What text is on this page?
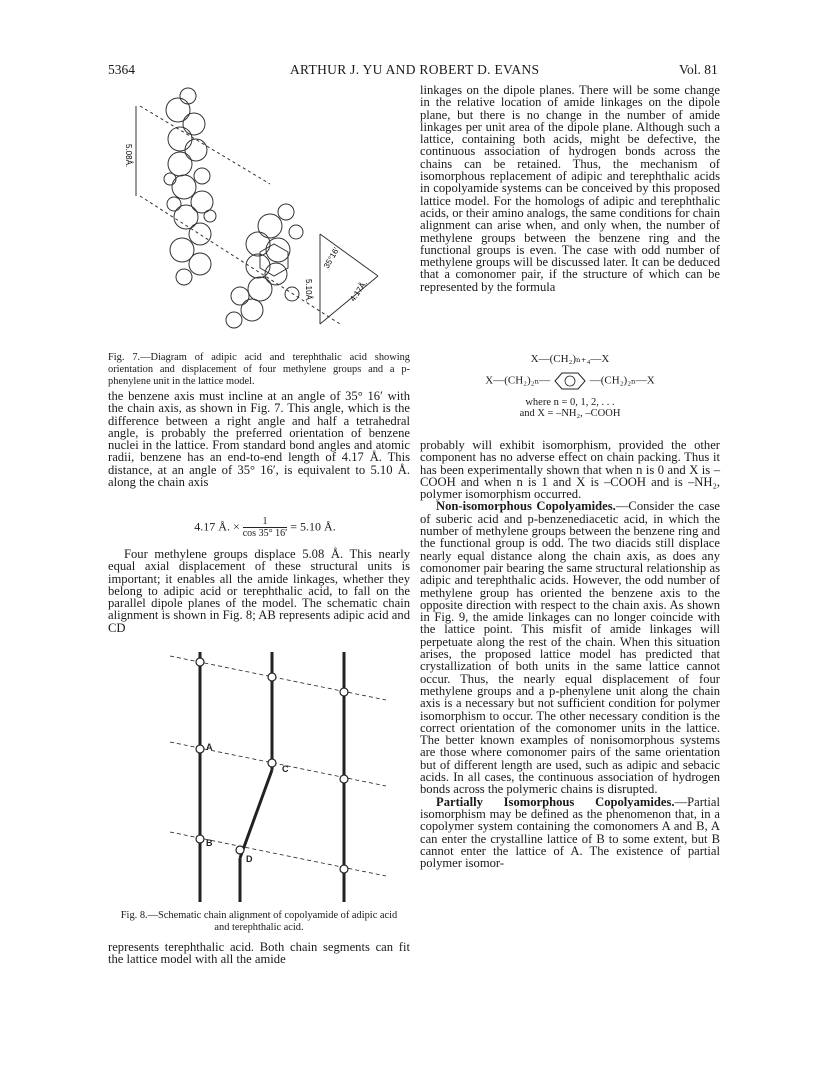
5364	ARTHUR J. YU AND ROBERT D. EVANS	Vol. 81
5.08Å.
5.10Å.	4.17Å.
35°16'
Fig. 7.—Diagram of adipic acid and terephthalic acid showing orientation and displacement of four methylene groups and a p-phenylene unit in the lattice model.

the benzene axis must incline at an angle of 35° 16′ with the chain axis, as shown in Fig. 7. This angle, which is the difference between a right angle and half a tetrahedral angle, is probably the preferred orientation of benzene nuclei in the lattice. From standard bond angles and atomic radii, benzene has an end-to-end length of 4.17 Å. This distance, at an angle of 35° 16′, is equivalent to 5.10 Å. along the chain axis

4.17 Å. × $\frac{1}{\cos 35^\circ 16'} = 5.10$ Å.

Four methylene groups displace 5.08 Å. This nearly equal axial displacement of these structural units is important; it enables all the amide linkages, whether they belong to adipic acid or terephthalic acid, to fall on the parallel dipole planes of the model. The schematic chain alignment is shown in Fig. 8; AB represents adipic acid and CD

A
C
B
D
Fig. 8.—Schematic chain alignment of copolyamide of adipic acid and terephthalic acid.

represents terephthalic acid. Both chain segments can fit the lattice model with all the amide

linkages on the dipole planes. There will be some change in the relative location of amide linkages on the dipole plane, but there is no change in the number of amide linkages per unit area of the dipole plane. Although such a lattice, containing both acids, might be defective, the continuous association of hydrogen bonds across the chains can be retained. Thus, the mechanism of isomorphous replacement of adipic and terephthalic acids in copolyamide systems can be conceived by this proposed lattice model. For the homologs of adipic and terephthalic acids, or their amino analogs, the same conditions for chain alignment can arise when, and only when, the number of methylene groups between the benzene ring and the functional groups is even. The case with odd number of methylene groups will be discussed later. It can be deduced that a comonomer pair, if the structure of which can be represented by the formula

X—(CH₂)ₙ₊₄—X
X—(CH₂)₂ₙ—	—(CH₂)₂ₙ—X
where n = 0, 1, 2, . . .
and X = –NH₂, –COOH

probably will exhibit isomorphism, provided the other component has no adverse effect on chain packing. Thus it has been experimentally shown that when n is 0 and X is –COOH and when n is 1 and X is –COOH and is –NH₂, polymer isomorphism occurred.

Non-isomorphous Copolyamides.—Consider the case of suberic acid and p-benzenediacetic acid, in which the number of methylene groups between the benzene ring and the functional group is odd. The two diacids still displace nearly equal distance along the chain axis, as does any comonomer pair bearing the same structural relationship as adipic and terephthalic acids. However, the odd number of methylene group has oriented the benzene axis to the opposite direction with respect to the chain axis. As shown in Fig. 9, the amide linkages can no longer coincide with the lattice point. This misfit of amide linkages will perpetuate along the rest of the chain. When this situation arises, the proposed lattice model has predicted that crystallization of both units in the same lattice cannot occur. Thus, the nearly equal displacement of four methylene groups and a p-phenylene unit along the chain axis is a necessary but not sufficient condition for polymer isomorphism to occur. The other necessary condition is the correct orientation of the comonomer units in the lattice. The better known examples of nonisomorphous systems are those where comonomer pairs of the same orientation but of different length are used, such as adipic and sebacic acids. In all cases, the continuous association of hydrogen bonds across the polymeric chains is disrupted.

Partially Isomorphous Copolyamides.—Partial isomorphism may be defined as the phenomenon that, in a copolymer system containing the comonomers A and B, A can enter the crystalline lattice of B to some extent, but B cannot enter the lattice of A. The existence of partial polymer isomor-
